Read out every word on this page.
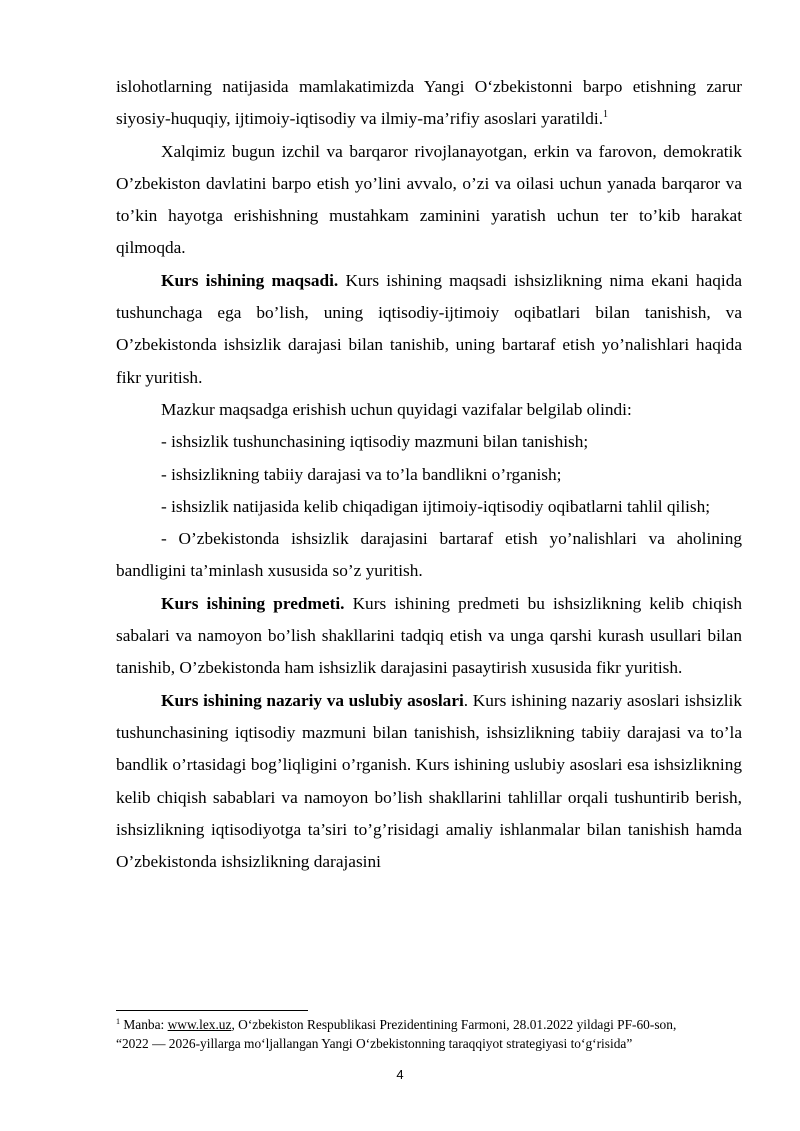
islohotlarning natijasida mamlakatimizda Yangi O‘zbekistonni barpo etishning zarur siyosiy-huquqiy, ijtimoiy-iqtisodiy va ilmiy-ma’rifiy asoslari yaratildi.$^1$

Xalqimiz bugun izchil va barqaror rivojlanayotgan, erkin va farovon, demokratik O’zbekiston davlatini barpo etish yo’lini avvalo, o’zi va oilasi uchun yanada barqaror va to’kin hayotga erishishning mustahkam zaminini yaratish uchun ter to’kib harakat qilmoqda.

Kurs ishining maqsadi. Kurs ishining maqsadi ishsizlikning nima ekani haqida tushunchaga ega bo’lish, uning iqtisodiy-ijtimoiy oqibatlari bilan tanishish, va O’zbekistonda ishsizlik darajasi bilan tanishib, uning bartaraf etish yo’nalishlari haqida fikr yuritish.

Mazkur maqsadga erishish uchun quyidagi vazifalar belgilab olindi:

- ishsizlik tushunchasining iqtisodiy mazmuni bilan tanishish;

- ishsizlikning tabiiy darajasi va to’la bandlikni o’rganish;

- ishsizlik natijasida kelib chiqadigan ijtimoiy-iqtisodiy oqibatlarni tahlil qilish;

- O’zbekistonda ishsizlik darajasini bartaraf etish yo’nalishlari va aholining bandligini ta’minlash xususida so’z yuritish.

Kurs ishining predmeti. Kurs ishining predmeti bu ishsizlikning kelib chiqish sabalari va namoyon bo’lish shakllarini tadqiq etish va unga qarshi kurash usullari bilan tanishib, O’zbekistonda ham ishsizlik darajasini pasaytirish xususida fikr yuritish.

Kurs ishining nazariy va uslubiy asoslari. Kurs ishining nazariy asoslari ishsizlik tushunchasining iqtisodiy mazmuni bilan tanishish, ishsizlikning tabiiy darajasi va to’la bandlik o’rtasidagi bog’liqligini o’rganish. Kurs ishining uslubiy asoslari esa ishsizlikning kelib chiqish sabablari va namoyon bo’lish shakllarini tahlillar orqali tushuntirib berish, ishsizlikning iqtisodiyotga ta’siri to’g’risidagi amaliy ishlanmalar bilan tanishish hamda O’zbekistonda ishsizlikning darajasini

$^1$ Manba: www.lex.uz, O‘zbekiston Respublikasi Prezidentining Farmoni, 28.01.2022 yildagi PF-60-son,
“2022 — 2026-yillarga mo‘ljallangan Yangi O‘zbekistonning taraqqiyot strategiyasi to‘g‘risida”
4
